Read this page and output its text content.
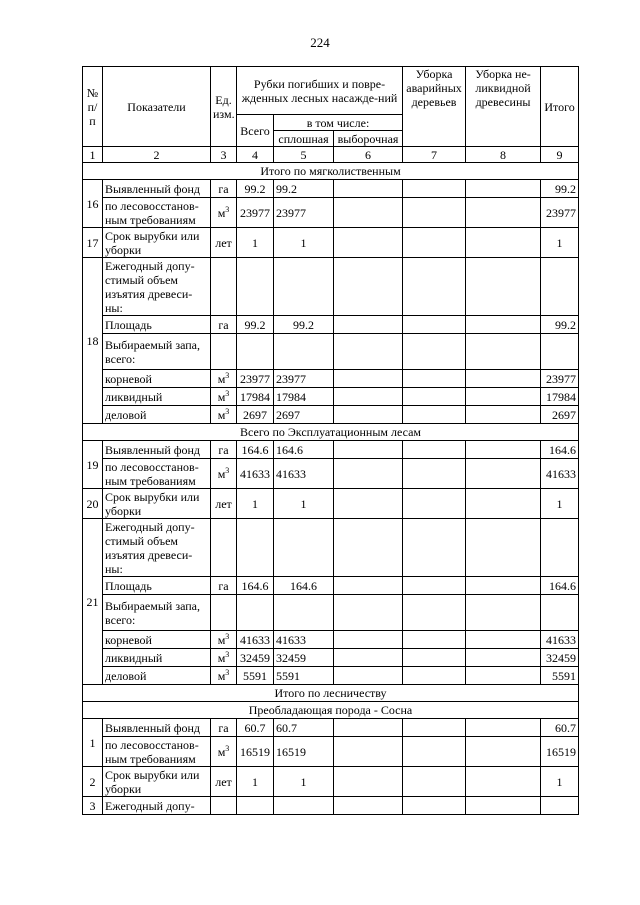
224
№ п/п	Показатели	Ед. изм.	Рубки погибших и повре-жденных лесных насажде-ний			Уборка аварийных деревьев	Уборка не-ликвидной древесины	Итого
			Всего	в том числе:				
				сплошная	выборочная			
1	2	3	4	5	6	7	8	9
Итого по мягколиственным								
16	Выявленный фонд	га	99.2	99.2				99.2
	по лесовосстанов-ным требованиям	$м^3$	23977	23977				23977
17	Срок вырубки или уборки	лет	1	1				1
18	Ежегодный допу-стимый объем изъятия древеси-ны:							
	Площадь	га	99.2	99.2				99.2
	Выбираемый запа, всего:							
	корневой	$м^3$	23977	23977				23977
	ликвидный	$м^3$	17984	17984				17984
	деловой	$м^3$	2697	2697				2697
Всего по Эксплуатационным лесам								
19	Выявленный фонд	га	164.6	164.6				164.6
	по лесовосстанов-ным требованиям	$м^3$	41633	41633				41633
20	Срок вырубки или уборки	лет	1	1				1
21	Ежегодный допу-стимый объем изъятия древеси-ны:							
	Площадь	га	164.6	164.6				164.6
	Выбираемый запа, всего:							
	корневой	$м^3$	41633	41633				41633
	ликвидный	$м^3$	32459	32459				32459
	деловой	$м^3$	5591	5591				5591
Итого по лесничеству								
Преобладающая порода - Сосна								
1	Выявленный фонд	га	60.7	60.7				60.7
	по лесовосстанов-ным требованиям	$м^3$	16519	16519				16519
2	Срок вырубки или уборки	лет	1	1				1
3	Ежегодный допу-							
